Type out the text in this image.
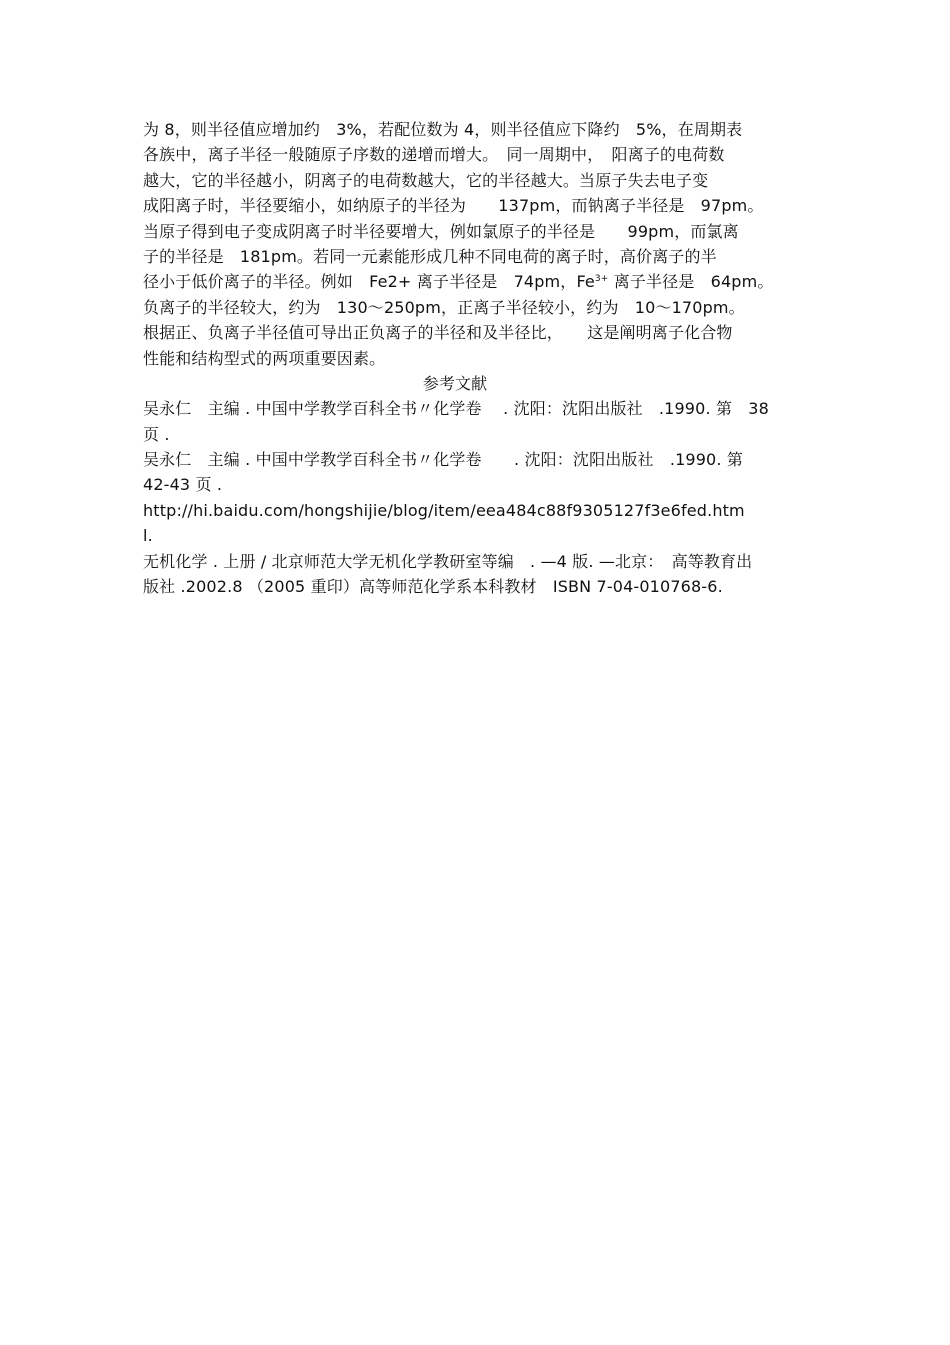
为 8，则半径值应增加约　3%，若配位数为 4，则半径值应下降约　5%，在周期表
各族中，离子半径一般随原子序数的递增而增大。　同一周期中，　阳离子的电荷数
越大，它的半径越小，阴离子的电荷数越大，它的半径越大。当原子失去电子变
成阳离子时，半径要缩小，如纳原子的半径为　　137pm，而钠离子半径是　97pm。
当原子得到电子变成阴离子时半径要增大，例如氯原子的半径是　　99pm，而氯离
子的半径是　181pm。若同一元素能形成几种不同电荷的离子时，高价离子的半
径小于低价离子的半径。例如　Fe2+ 离子半径是　74pm，$Fe^{3+}$ 离子半径是　64pm。
负离子的半径较大，约为　130～250pm，正离子半径较小，约为　10～170pm。
根据正、负离子半径值可导出正负离子的半径和及半径比，　　这是阐明离子化合物
性能和结构型式的两项重要因素。
参考文献
吴永仁　主编 . 中国中学教学百科全书〃化学卷　 . 沈阳：沈阳出版社　.1990. 第　38
页 .
吴永仁　主编 . 中国中学教学百科全书〃化学卷　　. 沈阳：沈阳出版社　.1990. 第
42-43 页 .
http://hi.baidu.com/hongshijie/blog/item/eea484c88f9305127f3e6fed.htm
l.
无机化学 . 上册 / 北京师范大学无机化学教研室等编　. —4 版. —北京：　高等教育出
版社 .2002.8 （2005 重印）高等师范化学系本科教材　ISBN 7-04-010768-6.
